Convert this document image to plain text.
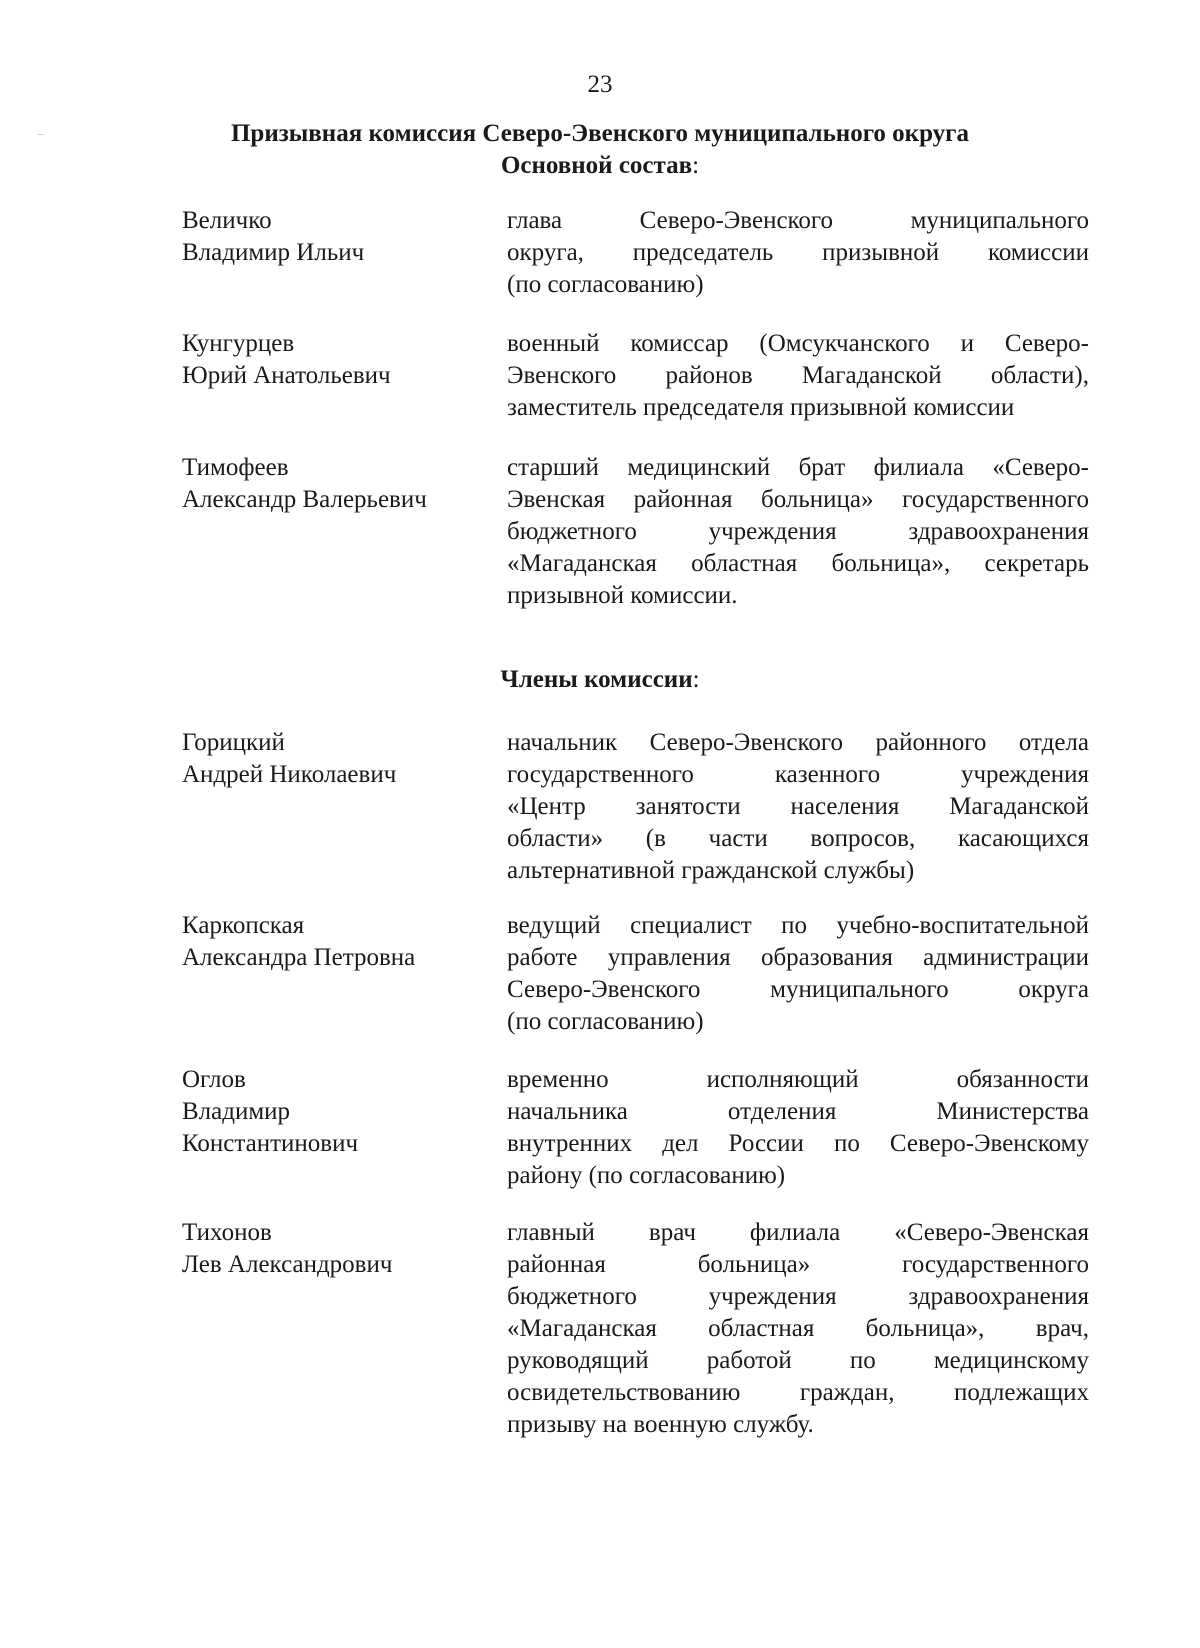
23
Призывная комиссия Северо-Эвенского муниципального округа
Основной состав:
Величко
Владимир Ильич
глава Северо-Эвенского муниципального
округа, председатель призывной комиссии
(по согласованию)
Кунгурцев
Юрий Анатольевич
военный комиссар (Омсукчанского и Северо-
Эвенского районов Магаданской области),
заместитель председателя призывной комиссии
Тимофеев
Александр Валерьевич
старший медицинский брат филиала «Северо-
Эвенская районная больница» государственного
бюджетного учреждения здравоохранения
«Магаданская областная больница», секретарь
призывной комиссии.
Члены комиссии:
Горицкий
Андрей Николаевич
начальник Северо-Эвенского районного отдела
государственного казенного учреждения
«Центр занятости населения Магаданской
области» (в части вопросов, касающихся
альтернативной гражданской службы)
Каркопская
Александра Петровна
ведущий специалист по учебно-воспитательной
работе управления образования администрации
Северо-Эвенского муниципального округа
(по согласованию)
Оглов
Владимир
Константинович
временно исполняющий обязанности
начальника отделения Министерства
внутренних дел России по Северо-Эвенскому
району (по согласованию)
Тихонов
Лев Александрович
главный врач филиала «Северо-Эвенская
районная больница» государственного
бюджетного учреждения здравоохранения
«Магаданская областная больница», врач,
руководящий работой по медицинскому
освидетельствованию граждан, подлежащих
призыву на военную службу.
